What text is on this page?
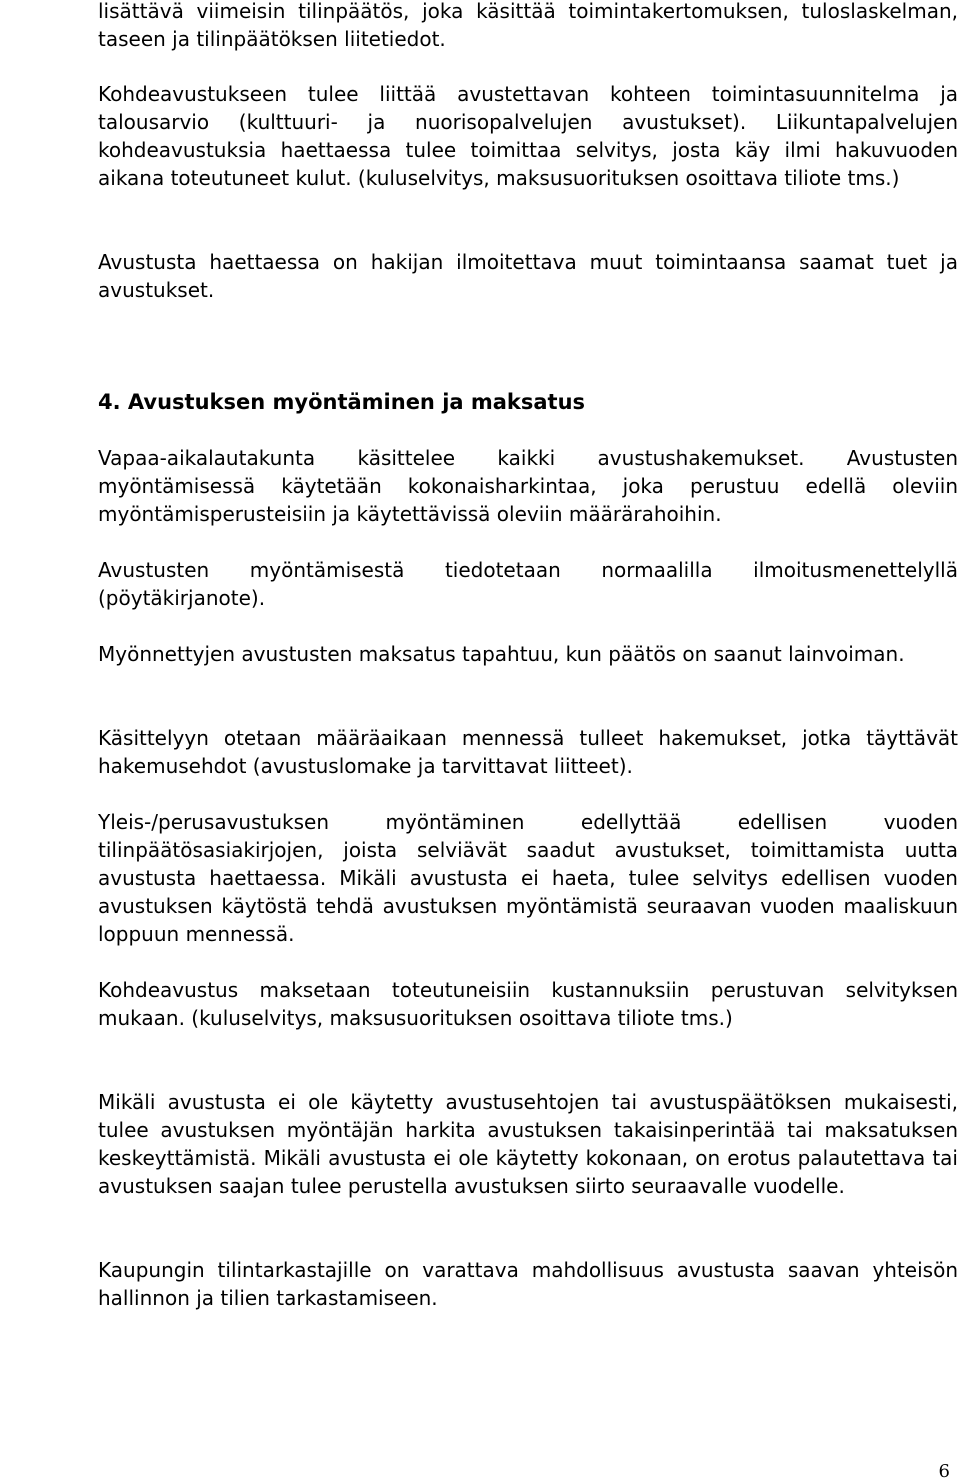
lisättävä viimeisin tilinpäätös, joka käsittää toimintakertomuksen, tuloslaskelman, taseen ja tilinpäätöksen liitetiedot.

Kohdeavustukseen tulee liittää avustettavan kohteen toimintasuunnitelma ja talousarvio (kulttuuri- ja nuorisopalvelujen avustukset). Liikuntapalvelujen kohdeavustuksia haettaessa tulee toimittaa selvitys, josta käy ilmi hakuvuoden aikana toteutuneet kulut. (kuluselvitys, maksusuorituksen osoittava tiliote tms.)

Avustusta haettaessa on hakijan ilmoitettava muut toimintaansa saamat tuet ja avustukset.

4. Avustuksen myöntäminen ja maksatus

Vapaa-aikalautakunta käsittelee kaikki avustushakemukset. Avustusten myöntämisessä käytetään kokonaisharkintaa, joka perustuu edellä oleviin myöntämisperusteisiin ja käytettävissä oleviin määrärahoihin.

Avustusten myöntämisestä tiedotetaan normaalilla ilmoitusmenettelyllä (pöytäkirjanote).

Myönnettyjen avustusten maksatus tapahtuu, kun päätös on saanut lainvoiman.

Käsittelyyn otetaan määräaikaan mennessä tulleet hakemukset, jotka täyttävät hakemusehdot (avustuslomake ja tarvittavat liitteet).

Yleis-/perusavustuksen myöntäminen edellyttää edellisen vuoden tilinpäätösasiakirjojen, joista selviävät saadut avustukset, toimittamista uutta avustusta haettaessa. Mikäli avustusta ei haeta, tulee selvitys edellisen vuoden avustuksen käytöstä tehdä avustuksen myöntämistä seuraavan vuoden maaliskuun loppuun mennessä.

Kohdeavustus maksetaan toteutuneisiin kustannuksiin perustuvan selvityksen mukaan. (kuluselvitys, maksusuorituksen osoittava tiliote tms.)

Mikäli avustusta ei ole käytetty avustusehtojen tai avustuspäätöksen mukaisesti, tulee avustuksen myöntäjän harkita avustuksen takaisinperintää tai maksatuksen keskeyttämistä. Mikäli avustusta ei ole käytetty kokonaan, on erotus palautettava tai avustuksen saajan tulee perustella avustuksen siirto seuraavalle vuodelle.

Kaupungin tilintarkastajille on varattava mahdollisuus avustusta saavan yhteisön hallinnon ja tilien tarkastamiseen.

6
